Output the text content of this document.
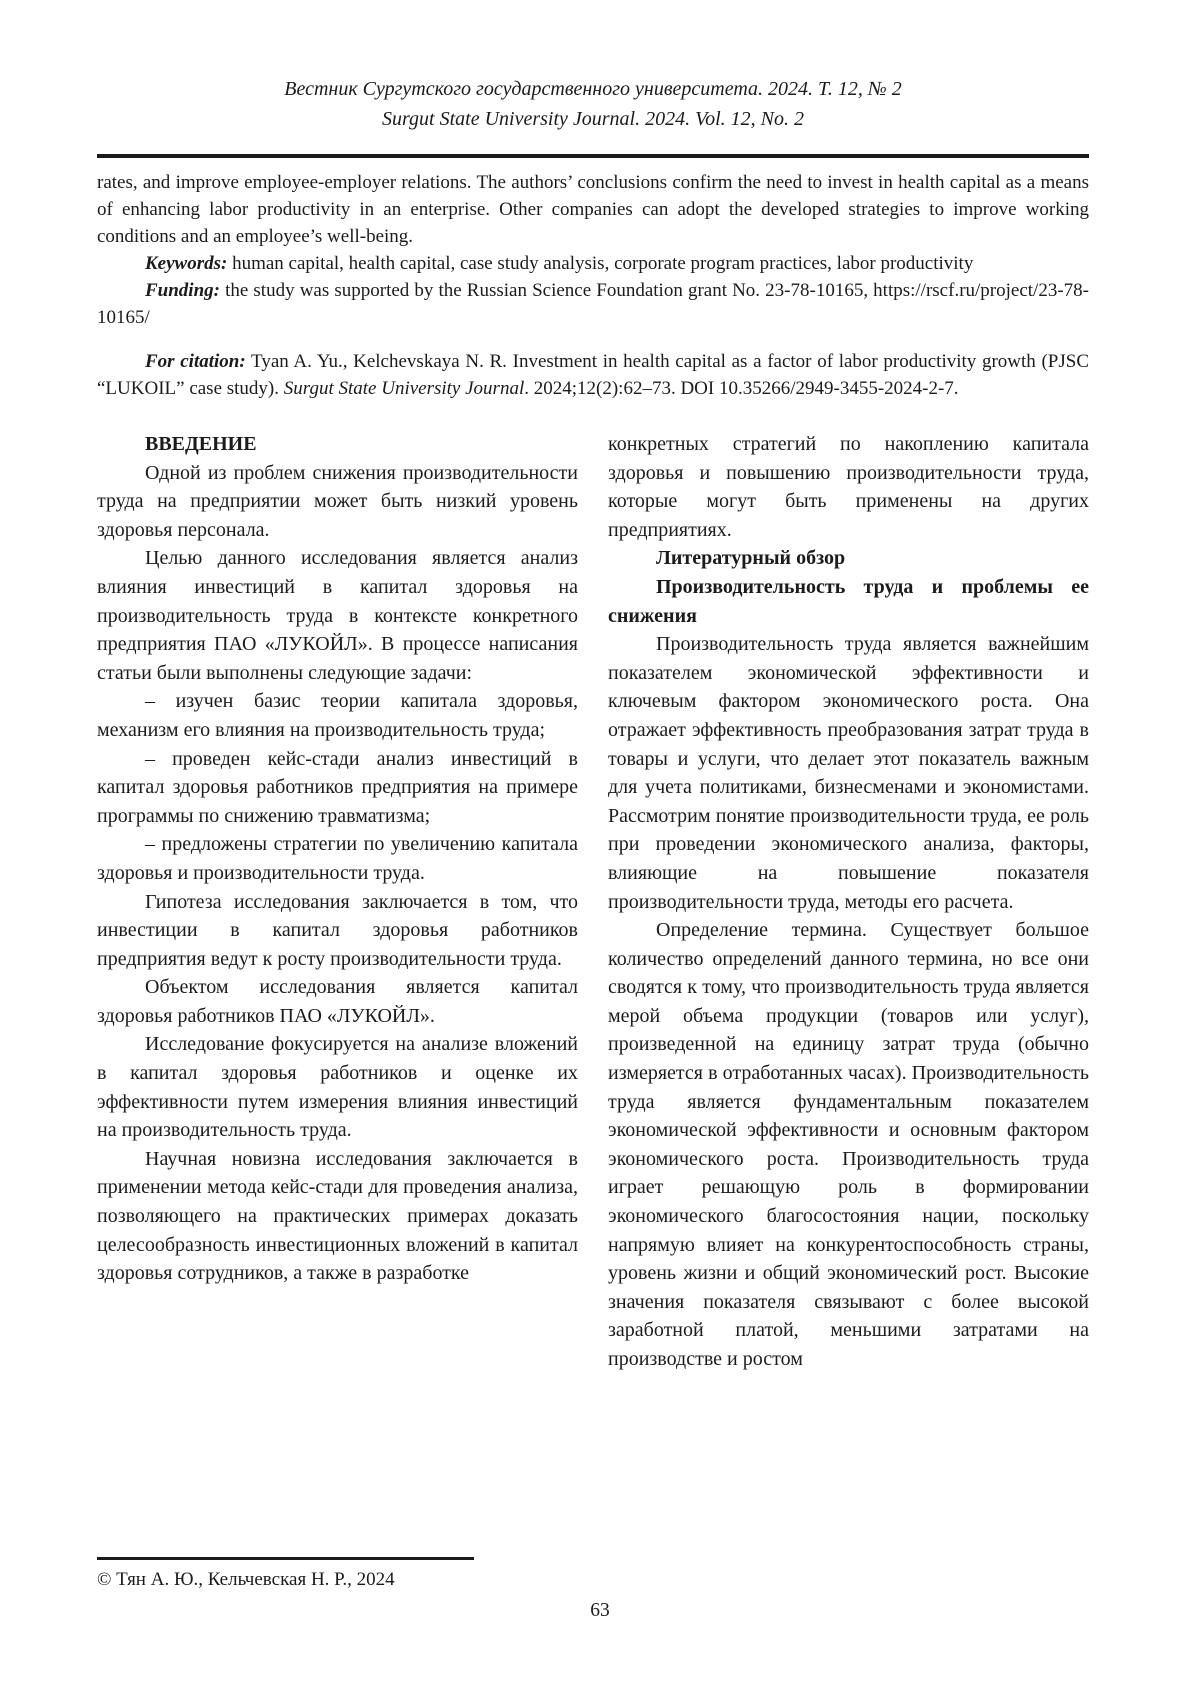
Вестник Сургутского государственного университета. 2024. Т. 12, № 2
Surgut State University Journal. 2024. Vol. 12, No. 2

rates, and improve employee-employer relations. The authors’ conclusions confirm the need to invest in health capital as a means of enhancing labor productivity in an enterprise. Other companies can adopt the developed strategies to improve working conditions and an employee’s well-being.

Keywords: human capital, health capital, case study analysis, corporate program practices, labor productivity

Funding: the study was supported by the Russian Science Foundation grant No. 23-78-10165, https://rscf.ru/project/23-78-10165/

For citation: Tyan A. Yu., Kelchevskaya N. R. Investment in health capital as a factor of labor productivity growth (PJSC “LUKOIL” case study). Surgut State University Journal. 2024;12(2):62–73. DOI 10.35266/2949-3455-2024-2-7.

ВВЕДЕНИЕ

Одной из проблем снижения производительности труда на предприятии может быть низкий уровень здоровья персонала.

Целью данного исследования является анализ влияния инвестиций в капитал здоровья на производительность труда в контексте конкретного предприятия ПАО «ЛУКОЙЛ». В процессе написания статьи были выполнены следующие задачи:

– изучен базис теории капитала здоровья, механизм его влияния на производительность труда;

– проведен кейс-стади анализ инвестиций в капитал здоровья работников предприятия на примере программы по снижению травматизма;

– предложены стратегии по увеличению капитала здоровья и производительности труда.

Гипотеза исследования заключается в том, что инвестиции в капитал здоровья работников предприятия ведут к росту производительности труда.

Объектом исследования является капитал здоровья работников ПАО «ЛУКОЙЛ».

Исследование фокусируется на анализе вложений в капитал здоровья работников и оценке их эффективности путем измерения влияния инвестиций на производительность труда.

Научная новизна исследования заключается в применении метода кейс-стади для проведения анализа, позволяющего на практических примерах доказать целесообразность инвестиционных вложений в капитал здоровья сотрудников, а также в разработке

конкретных стратегий по накоплению капитала здоровья и повышению производительности труда, которые могут быть применены на других предприятиях.

Литературный обзор

Производительность труда и проблемы ее снижения

Производительность труда является важнейшим показателем экономической эффективности и ключевым фактором экономического роста. Она отражает эффективность преобразования затрат труда в товары и услуги, что делает этот показатель важным для учета политиками, бизнесменами и экономистами. Рассмотрим понятие производительности труда, ее роль при проведении экономического анализа, факторы, влияющие на повышение показателя производительности труда, методы его расчета.

Определение термина. Существует большое количество определений данного термина, но все они сводятся к тому, что производительность труда является мерой объема продукции (товаров или услуг), произведенной на единицу затрат труда (обычно измеряется в отработанных часах). Производительность труда является фундаментальным показателем экономической эффективности и основным фактором экономического роста. Производительность труда играет решающую роль в формировании экономического благосостояния нации, поскольку напрямую влияет на конкурентоспособность страны, уровень жизни и общий экономический рост. Высокие значения показателя связывают с более высокой заработной платой, меньшими затратами на производстве и ростом

© Тян А. Ю., Кельчевская Н. Р., 2024
63
